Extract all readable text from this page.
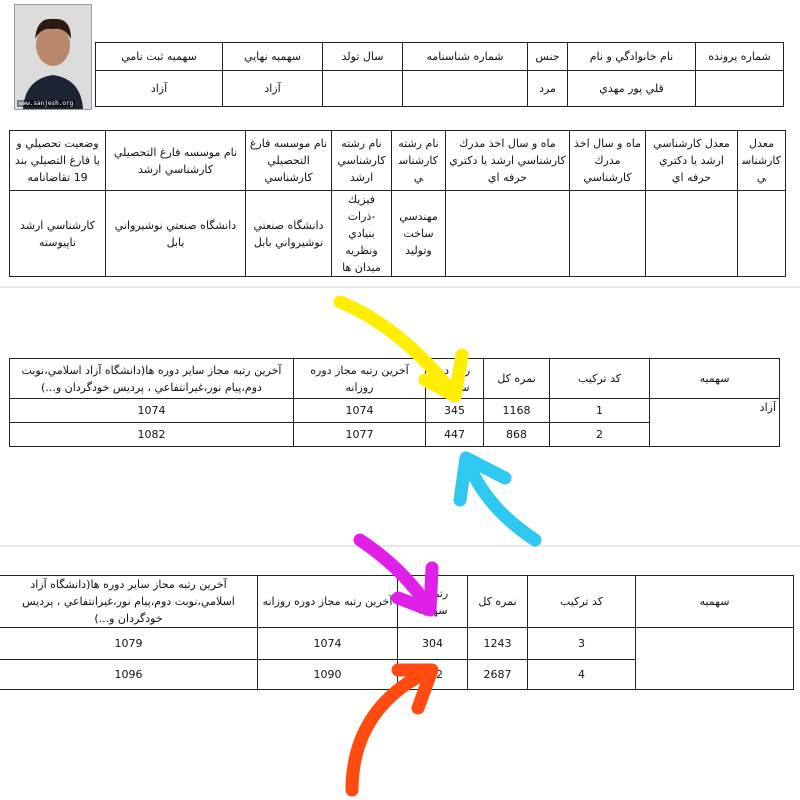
www.sanjesh.org
شماره پرونده	نام خانوادگي و نام	جنس	شماره شناسنامه	سال تولد	سهميه نهايي	سهميه ثبت نامي
	قلي پور مهدي	مرد			آزاد	آزاد
معدل كارشناسي	معدل كارشناسي ارشد يا دكتري حرفه اي	ماه و سال اخذ مدرك كارشناسي	ماه و سال اخذ مدرك كارشناسي ارشد يا دكتري حرفه اي	نام رشته كارشناسي	نام رشته كارشناسي ارشد	نام موسسه فارغ التحصيلي كارشناسي	نام موسسه فارغ التحصيلي كارشناسي ارشد	وضعيت تحصيلي و يا فارغ التصيلي بند 19 تقاضانامه
				مهندسي ساخت وتوليد	فيزيك -ذرات بنيادي ونظريه ميدان ها	دانشگاه صنعتي نوشيرواني بابل	دانشگاه صنعتي نوشيرواني بابل	كارشناسي ارشد ناپيوسته
سهميه	كد تركيب	نمره كل	رتبه در سهميه	آخرين رتبه مجاز دوره روزانه	آخرين رتبه مجاز ساير دوره ها(دانشگاه آزاد اسلامي،نوبت دوم،پيام نور،غيرانتفاعي ، پرديس خودگردان و...)
آزاد	1	1168	345	1074	1074
	2	868	447	1077	1082
سهميه	كد تركيب	نمره كل	رتبه در سهميه	آخرين رتبه مجاز دوره روزانه	آخرين رتبه مجاز ساير دوره ها(دانشگاه آزاد اسلامي،نوبت دوم،پيام نور،غيرانتفاعي ، پرديس خودگردان و...)
	3	1243	304	1074	1079
	4	2687	112	1090	1096
